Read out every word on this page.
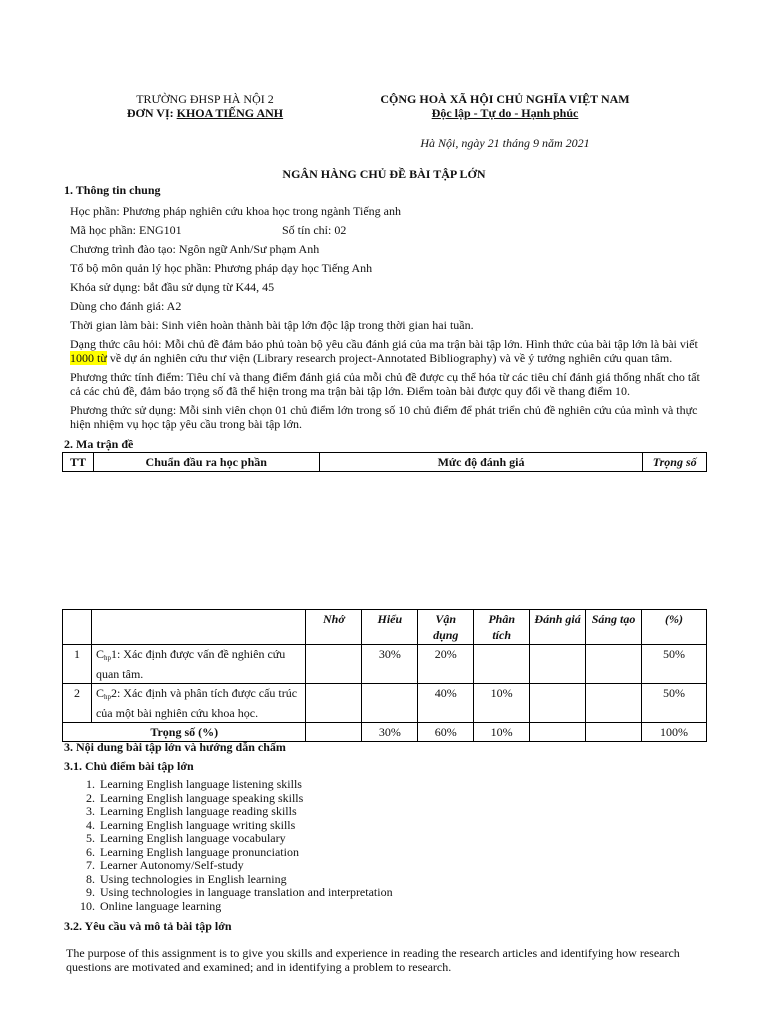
TRƯỜNG ĐHSP HÀ NỘI 2
ĐƠN VỊ: KHOA TIẾNG ANH
CỘNG HOÀ XÃ HỘI CHỦ NGHĨA VIỆT NAM
Độc lập - Tự do - Hạnh phúc
Hà Nội, ngày 21 tháng 9 năm 2021
NGÂN HÀNG CHỦ ĐỀ BÀI TẬP LỚN
1. Thông tin chung
Học phần: Phương pháp nghiên cứu khoa học trong ngành Tiếng anh
Mã học phần: ENG101	Số tín chỉ: 02
Chương trình đào tạo: Ngôn ngữ Anh/Sư phạm Anh
Tổ bộ môn quản lý học phần: Phương pháp dạy học Tiếng Anh
Khóa sử dụng: bắt đầu sử dụng từ K44, 45
Dùng cho đánh giá: A2
Thời gian làm bài: Sinh viên hoàn thành bài tập lớn độc lập trong thời gian hai tuần.
Dạng thức câu hỏi: Mỗi chủ đề đảm bảo phủ toàn bộ yêu cầu đánh giá của ma trận bài tập lớn. Hình thức của bài tập lớn là bài viết
1000 từ về dự án nghiên cứu thư viện (Library research project-Annotated Bibliography) và về ý tưởng nghiên cứu quan tâm.
Phương thức tính điểm: Tiêu chí và thang điểm đánh giá của mỗi chủ đề được cụ thể hóa từ các tiêu chí đánh giá thống nhất cho tất
cả các chủ đề, đảm bảo trọng số đã thể hiện trong ma trận bài tập lớn. Điểm toàn bài được quy đổi về thang điểm 10.
Phương thức sử dụng: Mỗi sinh viên chọn 01 chủ điểm lớn trong số 10 chủ điểm để phát triển chủ đề nghiên cứu của mình và thực
hiện nhiệm vụ học tập yêu cầu trong bài tập lớn.
2. Ma trận đề
TT	Chuẩn đầu ra học phần	Mức độ đánh giá	Trọng số
		Nhớ	Hiểu	Vận dụng	Phân tích	Đánh giá	Sáng tạo	(%)
1	$C_{hp}1$: Xác định được vấn đề nghiên cứu quan tâm.		30%	20%				50%
2	$C_{hp}2$: Xác định và phân tích được cấu trúc của một bài nghiên cứu khoa học.			40%	10%			50%
Trọng số (%)			30%	60%	10%			100%
3. Nội dung bài tập lớn và hướng dẫn chấm
3.1. Chủ điểm bài tập lớn
1. Learning English language listening skills
2. Learning English language speaking skills
3. Learning English language reading skills
4. Learning English language writing skills
5. Learning English language vocabulary
6. Learning English language pronunciation
7. Learner Autonomy/Self-study
8. Using technologies in English learning
9. Using technologies in language translation and interpretation
10. Online language learning
3.2. Yêu cầu và mô tả bài tập lớn
The purpose of this assignment is to give you skills and experience in reading the research articles and identifying how research
questions are motivated and examined; and in identifying a problem to research.
